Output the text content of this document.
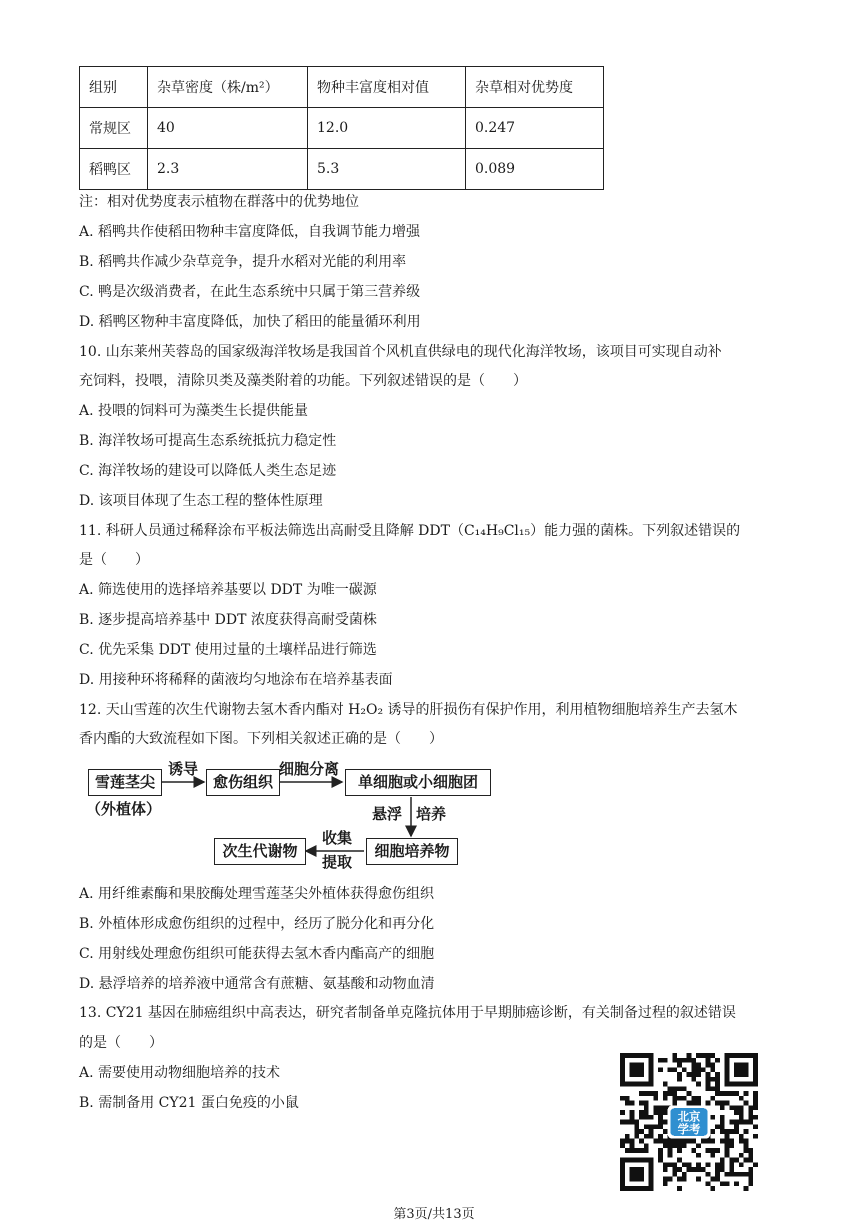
组别	杂草密度（株/m²）	物种丰富度相对值	杂草相对优势度
常规区	40	12.0	0.247
稻鸭区	2.3	5.3	0.089
注：相对优势度表示植物在群落中的优势地位
A. 稻鸭共作使稻田物种丰富度降低，自我调节能力增强
B. 稻鸭共作减少杂草竞争，提升水稻对光能的利用率
C. 鸭是次级消费者，在此生态系统中只属于第三营养级
D. 稻鸭区物种丰富度降低，加快了稻田的能量循环利用
10. 山东莱州芙蓉岛的国家级海洋牧场是我国首个风机直供绿电的现代化海洋牧场，该项目可实现自动补
充饲料，投喂，清除贝类及藻类附着的功能。下列叙述错误的是（　　）
A. 投喂的饲料可为藻类生长提供能量
B. 海洋牧场可提高生态系统抵抗力稳定性
C. 海洋牧场的建设可以降低人类生态足迹
D. 该项目体现了生态工程的整体性原理
11. 科研人员通过稀释涂布平板法筛选出高耐受且降解 DDT（C₁₄H₉Cl₁₅）能力强的菌株。下列叙述错误的
是（　　）
A. 筛选使用的选择培养基要以 DDT 为唯一碳源
B. 逐步提高培养基中 DDT 浓度获得高耐受菌株
C. 优先采集 DDT 使用过量的土壤样品进行筛选
D. 用接种环将稀释的菌液均匀地涂布在培养基表面
12. 天山雪莲的次生代谢物去氢木香内酯对 H₂O₂ 诱导的肝损伤有保护作用，利用植物细胞培养生产去氢木
香内酯的大致流程如下图。下列相关叙述正确的是（　　）
雪莲茎尖
（外植体）
诱导
愈伤组织
细胞分离
单细胞或小细胞团
悬浮 培养
细胞培养物
收集
提取
次生代谢物
A. 用纤维素酶和果胶酶处理雪莲茎尖外植体获得愈伤组织
B. 外植体形成愈伤组织的过程中，经历了脱分化和再分化
C. 用射线处理愈伤组织可能获得去氢木香内酯高产的细胞
D. 悬浮培养的培养液中通常含有蔗糖、氨基酸和动物血清
13. CY21 基因在肺癌组织中高表达，研究者制备单克隆抗体用于早期肺癌诊断，有关制备过程的叙述错误
的是（　　）
A. 需要使用动物细胞培养的技术
B. 需制备用 CY21 蛋白免疫的小鼠
北京
学考
第3页/共13页
